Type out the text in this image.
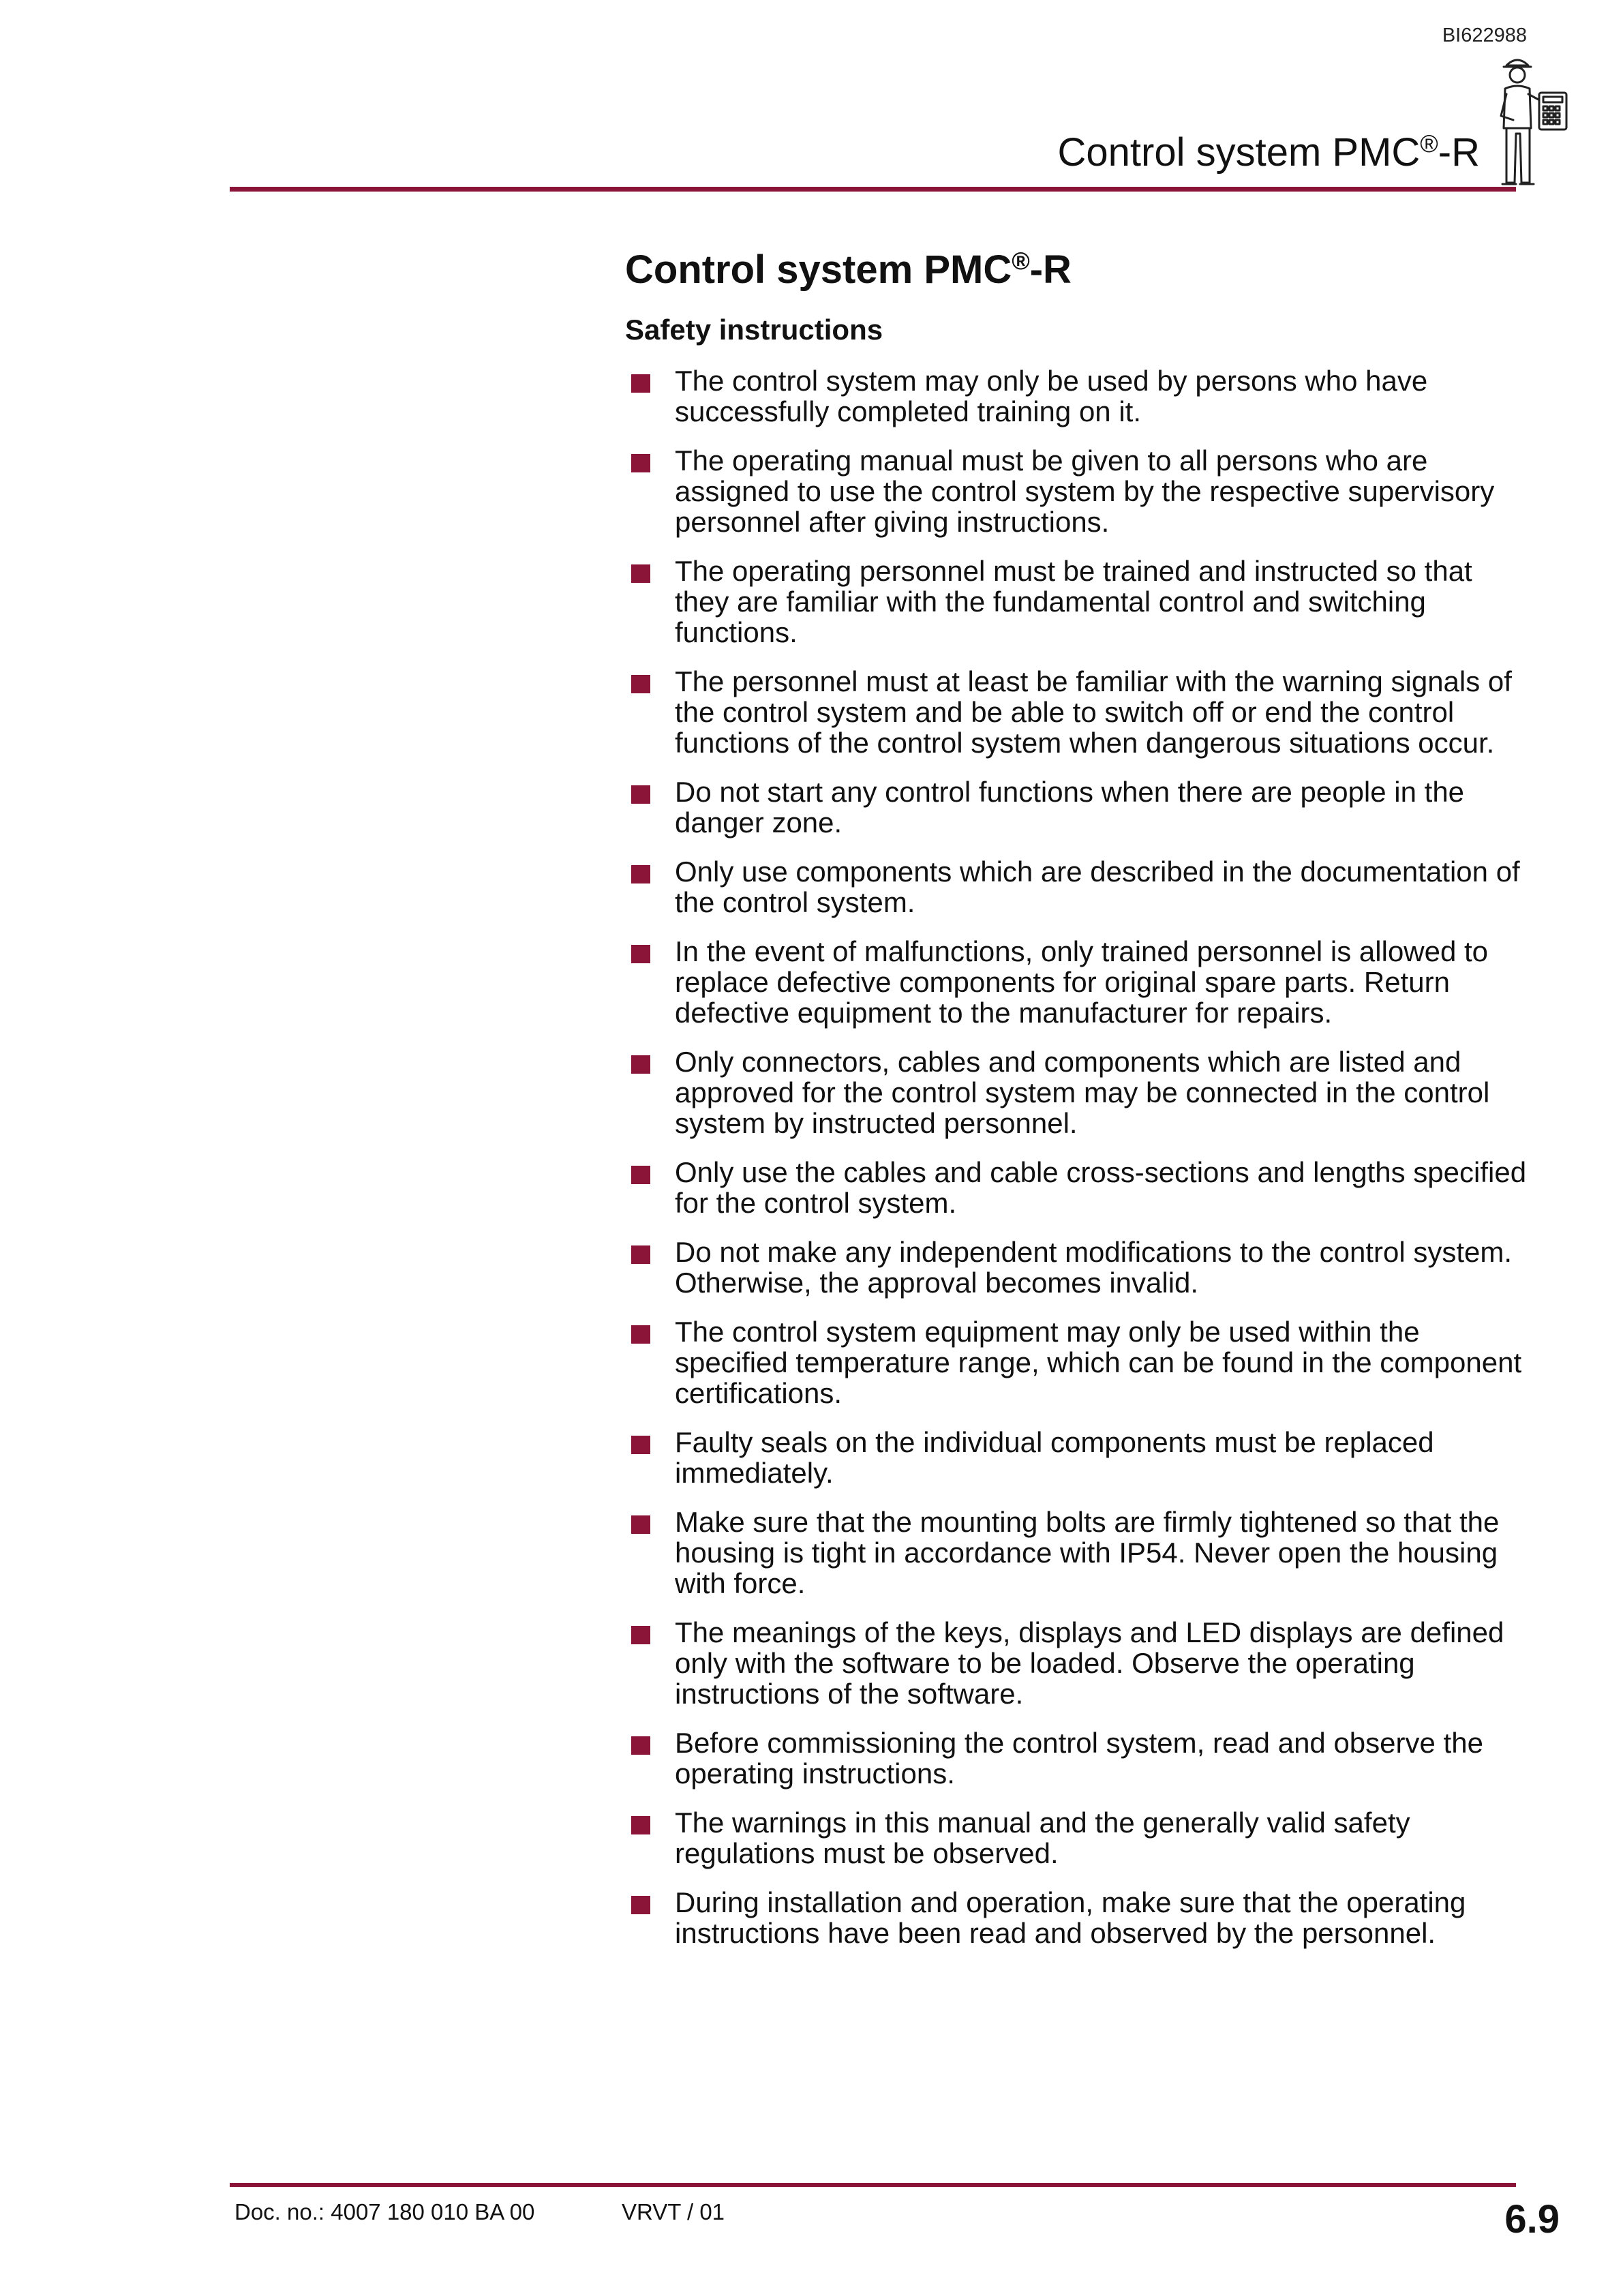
BI622988
Control system PMC®-R
Control system PMC®-R
Safety instructions
The control system may only be used by persons who have successfully completed training on it.
The operating manual must be given to all persons who are assigned to use the control system by the respective supervisory personnel after giving instructions.
The operating personnel must be trained and instructed so that they are familiar with the fundamental control and switching functions.
The personnel must at least be familiar with the warning signals of the control system and be able to switch off or end the control functions of the control system when dangerous situations occur.
Do not start any control functions when there are people in the danger zone.
Only use components which are described in the documentation of the control system.
In the event of malfunctions, only trained personnel is allowed to replace defective components for original spare parts. Return defective equipment to the manufacturer for repairs.
Only connectors, cables and components which are listed and approved for the control system may be connected in the control system by instructed personnel.
Only use the cables and cable cross-sections and lengths specified for the control system.
Do not make any independent modifications to the control system. Otherwise, the approval becomes invalid.
The control system equipment may only be used within the specified temperature range, which can be found in the component certifications.
Faulty seals on the individual components must be replaced immediately.
Make sure that the mounting bolts are firmly tightened so that the housing is tight in accordance with IP54. Never open the housing with force.
The meanings of the keys, displays and LED displays are defined only with the software to be loaded. Observe the operating instructions of the software.
Before commissioning the control system, read and observe the operating instructions.
The warnings in this manual and the generally valid safety regulations must be observed.
During installation and operation, make sure that the operating instructions have been read and observed by the personnel.
Doc. no.: 4007 180 010 BA 00	VRVT / 01	6.9
